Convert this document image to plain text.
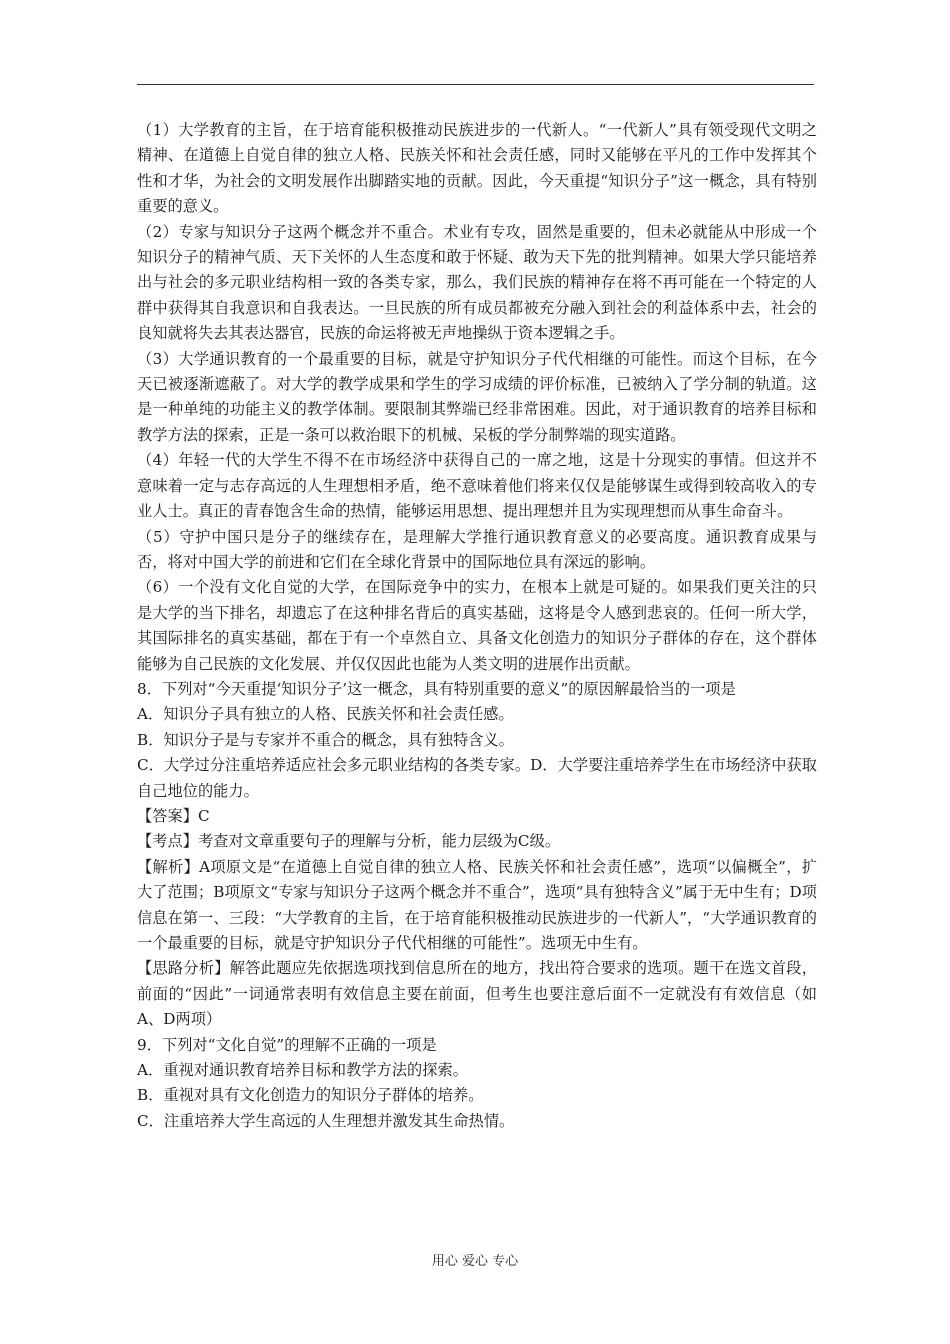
（1）大学教育的主旨，在于培育能积极推动民族进步的一代新人。“一代新人”具有领受现代文明之精神、在道德上自觉自律的独立人格、民族关怀和社会责任感，同时又能够在平凡的工作中发挥其个性和才华，为社会的文明发展作出脚踏实地的贡献。因此，今天重提“知识分子”这一概念，具有特别重要的意义。

（2）专家与知识分子这两个概念并不重合。术业有专攻，固然是重要的，但未必就能从中形成一个知识分子的精神气质、天下关怀的人生态度和敢于怀疑、敢为天下先的批判精神。如果大学只能培养出与社会的多元职业结构相一致的各类专家，那么，我们民族的精神存在将不再可能在一个特定的人群中获得其自我意识和自我表达。一旦民族的所有成员都被充分融入到社会的利益体系中去，社会的良知就将失去其表达器官，民族的命运将被无声地操纵于资本逻辑之手。

（3）大学通识教育的一个最重要的目标，就是守护知识分子代代相继的可能性。而这个目标，在今天已被逐渐遮蔽了。对大学的教学成果和学生的学习成绩的评价标准，已被纳入了学分制的轨道。这是一种单纯的功能主义的教学体制。要限制其弊端已经非常困难。因此，对于通识教育的培养目标和教学方法的探索，正是一条可以救治眼下的机械、呆板的学分制弊端的现实道路。

（4）年轻一代的大学生不得不在市场经济中获得自己的一席之地，这是十分现实的事情。但这并不意味着一定与志存高远的人生理想相矛盾，绝不意味着他们将来仅仅是能够谋生或得到较高收入的专业人士。真正的青春饱含生命的热情，能够运用思想、提出理想并且为实现理想而从事生命奋斗。

（5）守护中国只是分子的继续存在，是理解大学推行通识教育意义的必要高度。通识教育成果与否，将对中国大学的前进和它们在全球化背景中的国际地位具有深远的影响。

（6）一个没有文化自觉的大学，在国际竞争中的实力，在根本上就是可疑的。如果我们更关注的只是大学的当下排名，却遗忘了在这种排名背后的真实基础，这将是令人感到悲哀的。任何一所大学，其国际排名的真实基础，都在于有一个卓然自立、具备文化创造力的知识分子群体的存在，这个群体能够为自己民族的文化发展、并仅仅因此也能为人类文明的进展作出贡献。

8．下列对“今天重提‘知识分子’这一概念，具有特别重要的意义”的原因解最恰当的一项是

A．知识分子具有独立的人格、民族关怀和社会责任感。

B．知识分子是与专家并不重合的概念，具有独特含义。

C．大学过分注重培养适应社会多元职业结构的各类专家。D．大学要注重培养学生在市场经济中获取自己地位的能力。

【答案】C

【考点】考查对文章重要句子的理解与分析，能力层级为C级。

【解析】A项原文是“在道德上自觉自律的独立人格、民族关怀和社会责任感”，选项“以偏概全”，扩大了范围；B项原文“专家与知识分子这两个概念并不重合”，选项“具有独特含义”属于无中生有；D项信息在第一、三段：“大学教育的主旨，在于培育能积极推动民族进步的一代新人”，“大学通识教育的一个最重要的目标，就是守护知识分子代代相继的可能性”。选项无中生有。

【思路分析】解答此题应先依据选项找到信息所在的地方，找出符合要求的选项。题干在选文首段，前面的“因此”一词通常表明有效信息主要在前面，但考生也要注意后面不一定就没有有效信息（如A、D两项）

9．下列对“文化自觉”的理解不正确的一项是

A．重视对通识教育培养目标和教学方法的探索。

B．重视对具有文化创造力的知识分子群体的培养。

C．注重培养大学生高远的人生理想并激发其生命热情。

用心 爱心 专心
